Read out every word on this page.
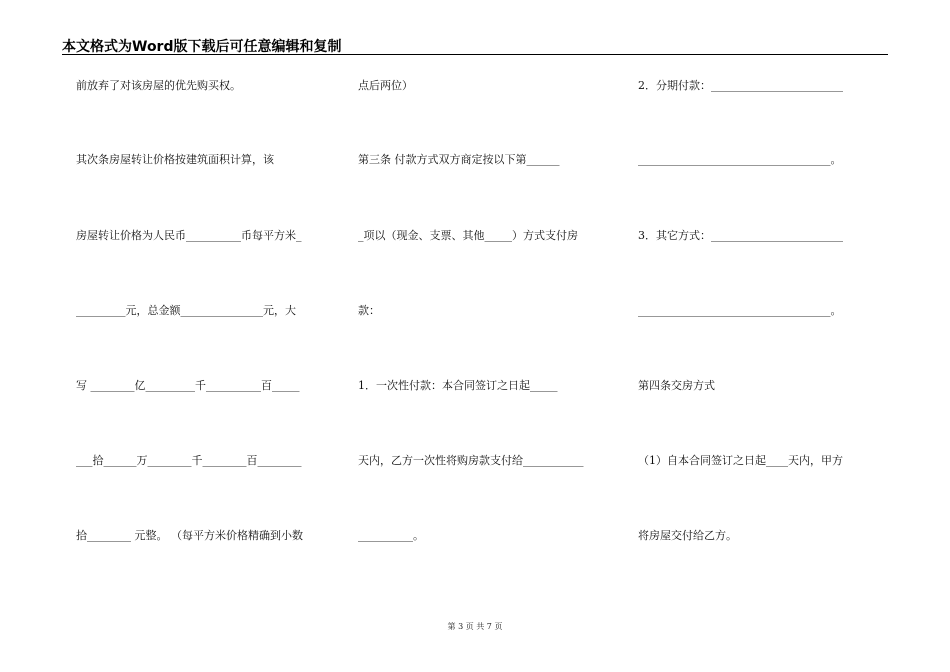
本文格式为Word版下载后可任意编辑和复制
前放弃了对该房屋的优先购买权。
其次条房屋转让价格按建筑面积计算，该
房屋转让价格为人民币__________币每平方米_
_________元，总金额_______________元，大
写 ________亿_________千__________百_____
___拾______万________千________百________
拾________ 元整。 （每平方米价格精确到小数
点后两位）
第三条 付款方式双方商定按以下第______
_项以（现金、支票、其他_____）方式支付房
款：
1．一次性付款：本合同签订之日起_____
天内，乙方一次性将购房款支付给___________
__________。
2．分期付款：________________________
___________________________________。
3．其它方式：________________________
___________________________________。
第四条交房方式
（1）自本合同签订之日起____天内，甲方
将房屋交付给乙方。
第 3 页 共 7 页
